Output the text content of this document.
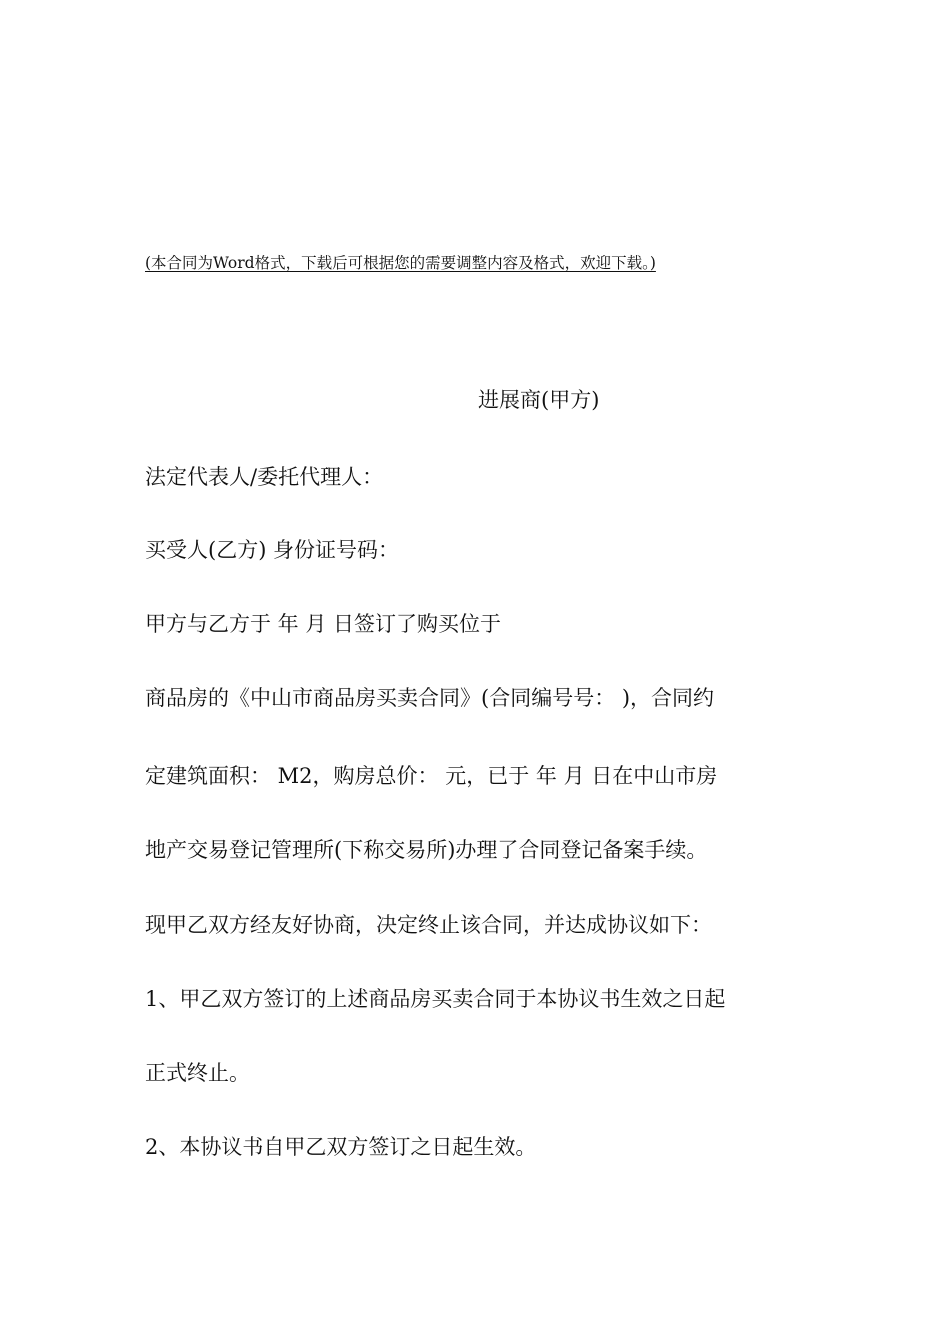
(本合同为Word格式，下载后可根据您的需要调整内容及格式，欢迎下载。)
进展商(甲方)
法定代表人/委托代理人：
买受人(乙方) 身份证号码：
甲方与乙方于 年 月 日签订了购买位于
商品房的《中山市商品房买卖合同》(合同编号号： )，合同约
定建筑面积： M2，购房总价： 元，已于 年 月 日在中山市房
地产交易登记管理所(下称交易所)办理了合同登记备案手续。
现甲乙双方经友好协商，决定终止该合同，并达成协议如下：
1、甲乙双方签订的上述商品房买卖合同于本协议书生效之日起
正式终止。
2、本协议书自甲乙双方签订之日起生效。
